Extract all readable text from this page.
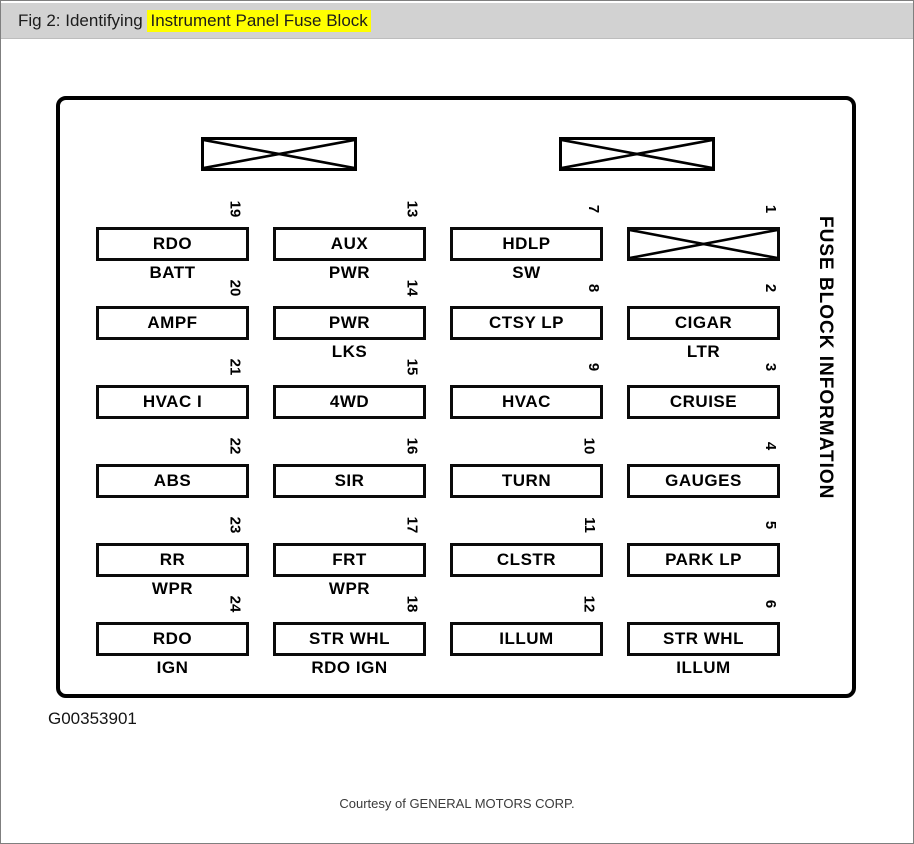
Fig 2: Identifying Instrument Panel Fuse Block
19
RDO
BATT
13
AUX
PWR
7
HDLP
SW
1
20
AMPF
14
PWR
LKS
8
CTSY LP
2
CIGAR
LTR
21
HVAC I
15
4WD
9
HVAC
3
CRUISE
22
ABS
16
SIR
10
TURN
4
GAUGES
23
RR
WPR
17
FRT
WPR
11
CLSTR
5
PARK LP
24
RDO
IGN
18
STR WHL
RDO IGN
12
ILLUM
6
STR WHL
ILLUM
FUSE BLOCK INFORMATION
G00353901
Courtesy of GENERAL MOTORS CORP.
